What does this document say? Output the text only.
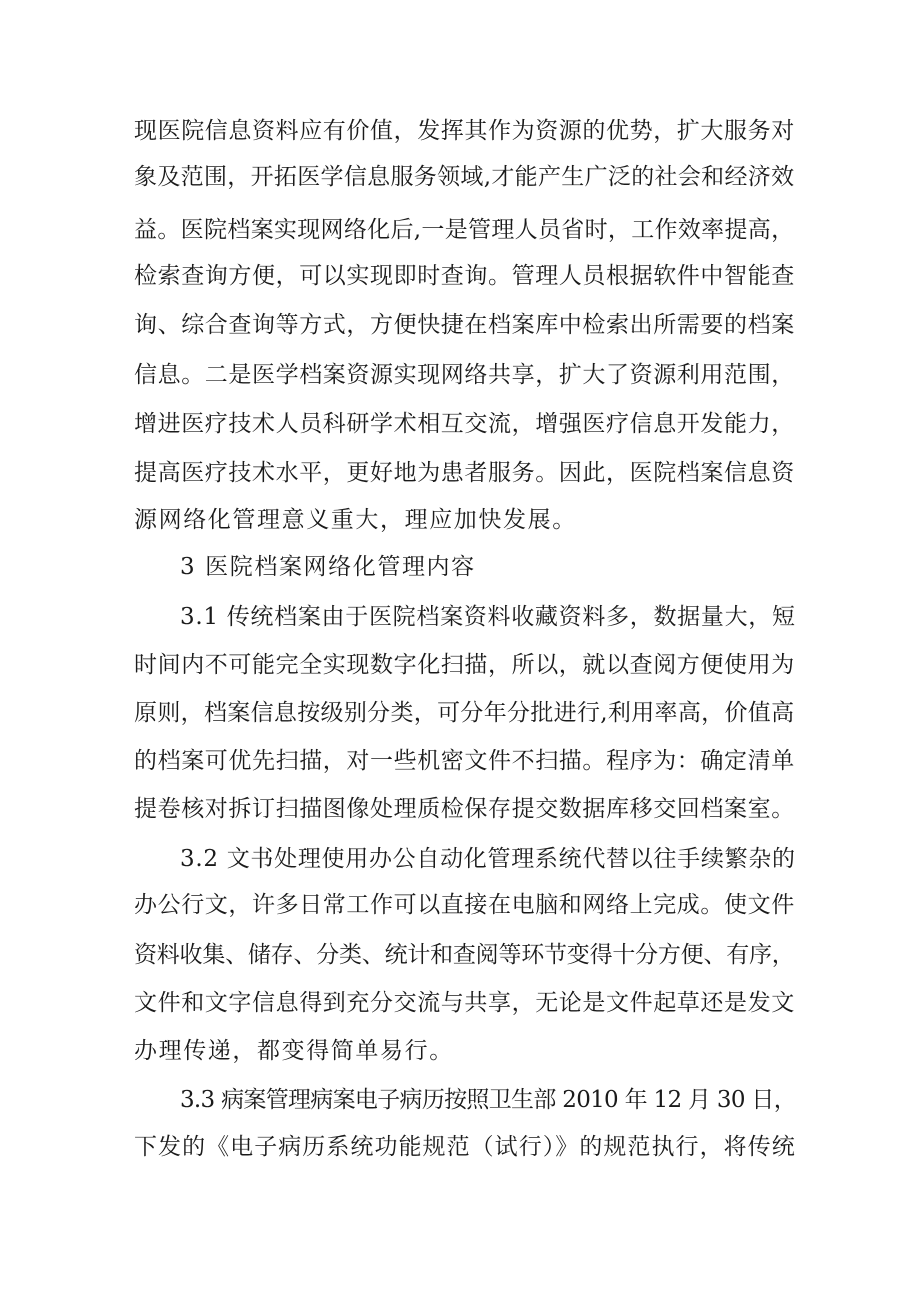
现医院信息资料应有价值，发挥其作为资源的优势，扩大服务对
象及范围，开拓医学信息服务领域,才能产生广泛的社会和经济效
益。医院档案实现网络化后,一是管理人员省时，工作效率提高，
检索查询方便，可以实现即时查询。管理人员根据软件中智能查
询、综合查询等方式，方便快捷在档案库中检索出所需要的档案
信息。二是医学档案资源实现网络共享，扩大了资源利用范围，
增进医疗技术人员科研学术相互交流，增强医疗信息开发能力，
提高医疗技术水平，更好地为患者服务。因此，医院档案信息资
源网络化管理意义重大，理应加快发展。
3 医院档案网络化管理内容
3.1 传统档案由于医院档案资料收藏资料多，数据量大，短
时间内不可能完全实现数字化扫描，所以，就以查阅方便使用为
原则，档案信息按级别分类，可分年分批进行,利用率高，价值高
的档案可优先扫描，对一些机密文件不扫描。程序为：确定清单
提卷核对拆订扫描图像处理质检保存提交数据库移交回档案室。
3.2 文书处理使用办公自动化管理系统代替以往手续繁杂的
办公行文，许多日常工作可以直接在电脑和网络上完成。使文件
资料收集、储存、分类、统计和查阅等环节变得十分方便、有序，
文件和文字信息得到充分交流与共享，无论是文件起草还是发文
办理传递，都变得简单易行。
3.3 病案管理病案电子病历按照卫生部 2010 年 12 月 30 日，
下发的《电子病历系统功能规范（试行）》的规范执行，将传统
